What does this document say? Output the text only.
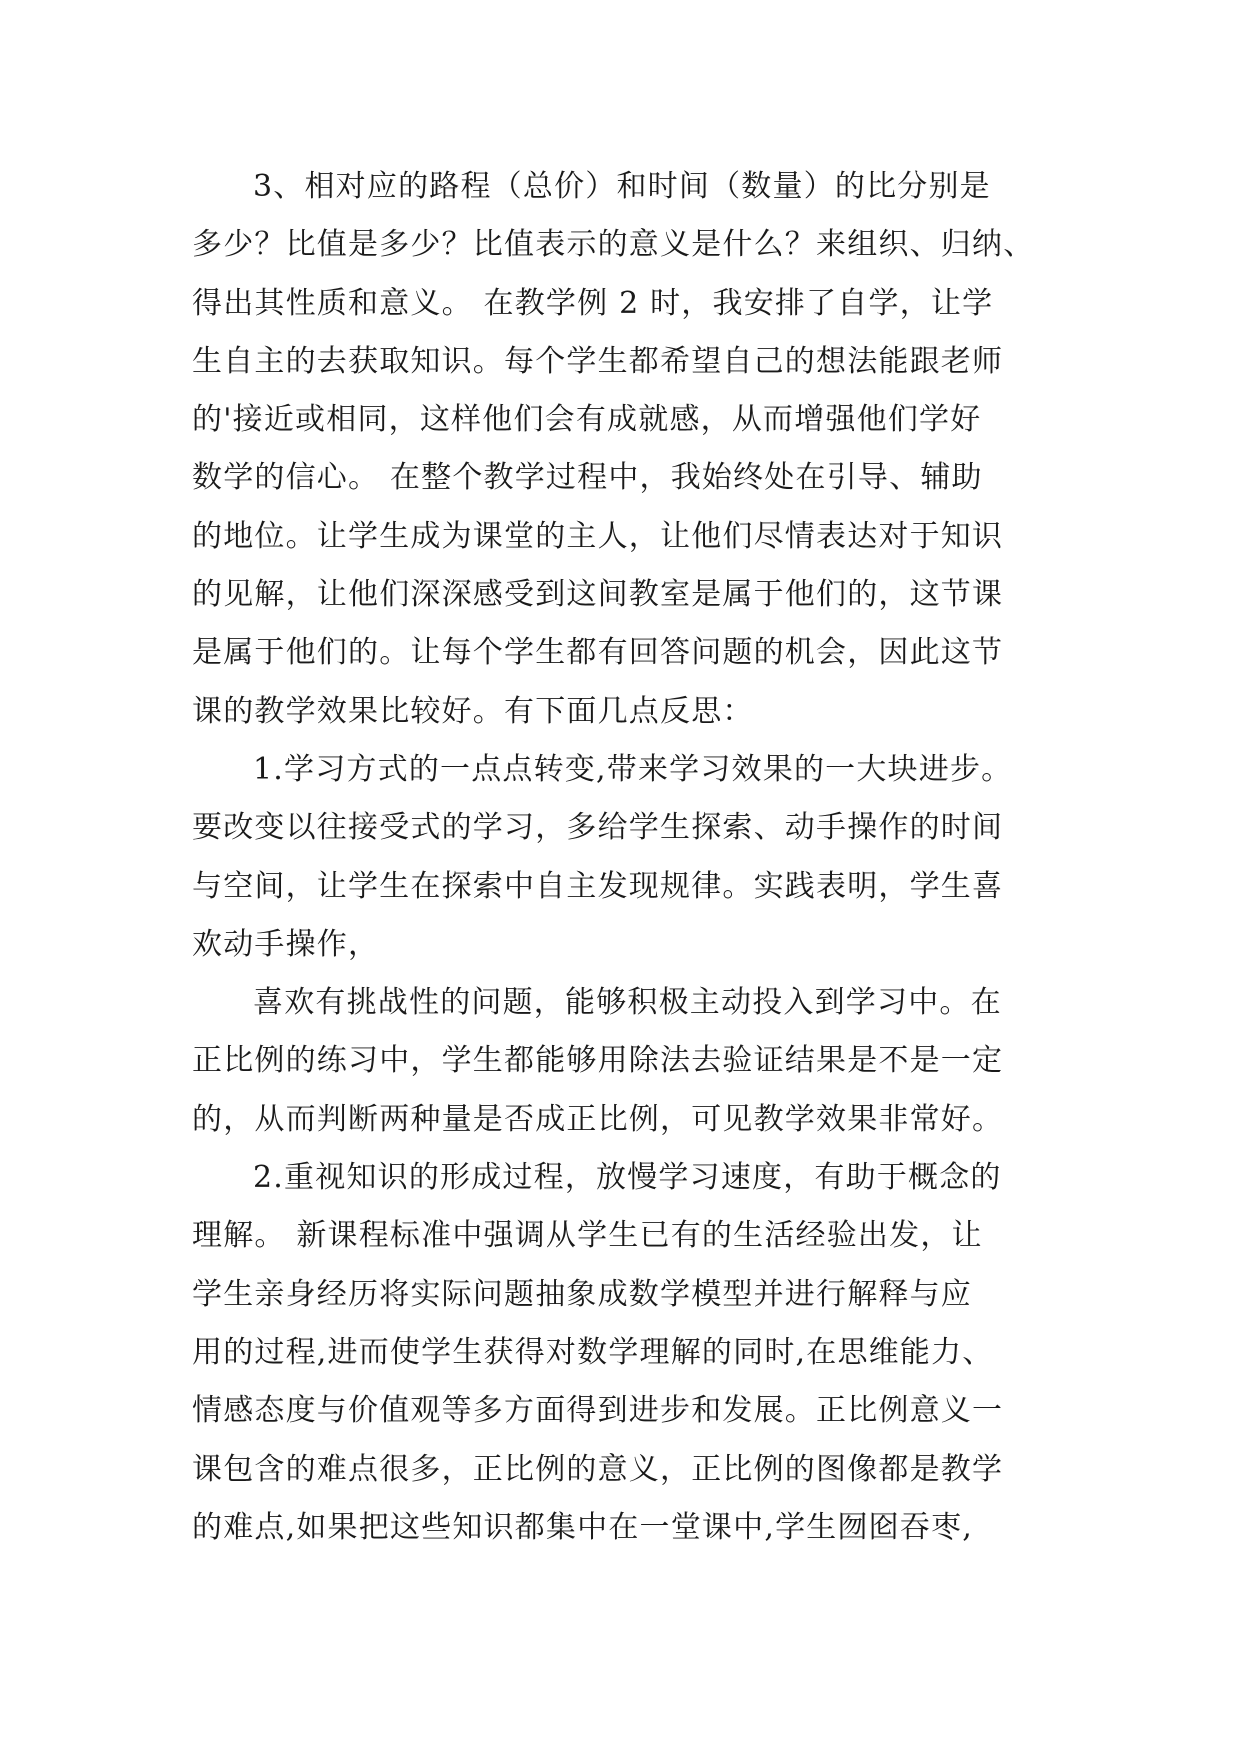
3、相对应的路程（总价）和时间（数量）的比分别是
多少？比值是多少？比值表示的意义是什么？来组织、归纳、
得出其性质和意义。 在教学例 2 时，我安排了自学，让学
生自主的去获取知识。每个学生都希望自己的想法能跟老师
的'接近或相同，这样他们会有成就感，从而增强他们学好
数学的信心。 在整个教学过程中，我始终处在引导、辅助
的地位。让学生成为课堂的主人，让他们尽情表达对于知识
的见解，让他们深深感受到这间教室是属于他们的，这节课
是属于他们的。让每个学生都有回答问题的机会，因此这节
课的教学效果比较好。有下面几点反思：
1.学习方式的一点点转变,带来学习效果的一大块进步。
要改变以往接受式的学习，多给学生探索、动手操作的时间
与空间，让学生在探索中自主发现规律。实践表明，学生喜
欢动手操作，
喜欢有挑战性的问题，能够积极主动投入到学习中。在
正比例的练习中，学生都能够用除法去验证结果是不是一定
的，从而判断两种量是否成正比例，可见教学效果非常好。
2.重视知识的形成过程，放慢学习速度，有助于概念的
理解。 新课程标准中强调从学生已有的生活经验出发，让
学生亲身经历将实际问题抽象成数学模型并进行解释与应
用的过程,进而使学生获得对数学理解的同时,在思维能力、
情感态度与价值观等多方面得到进步和发展。正比例意义一
课包含的难点很多，正比例的意义，正比例的图像都是教学
的难点,如果把这些知识都集中在一堂课中,学生囫囵吞枣,
